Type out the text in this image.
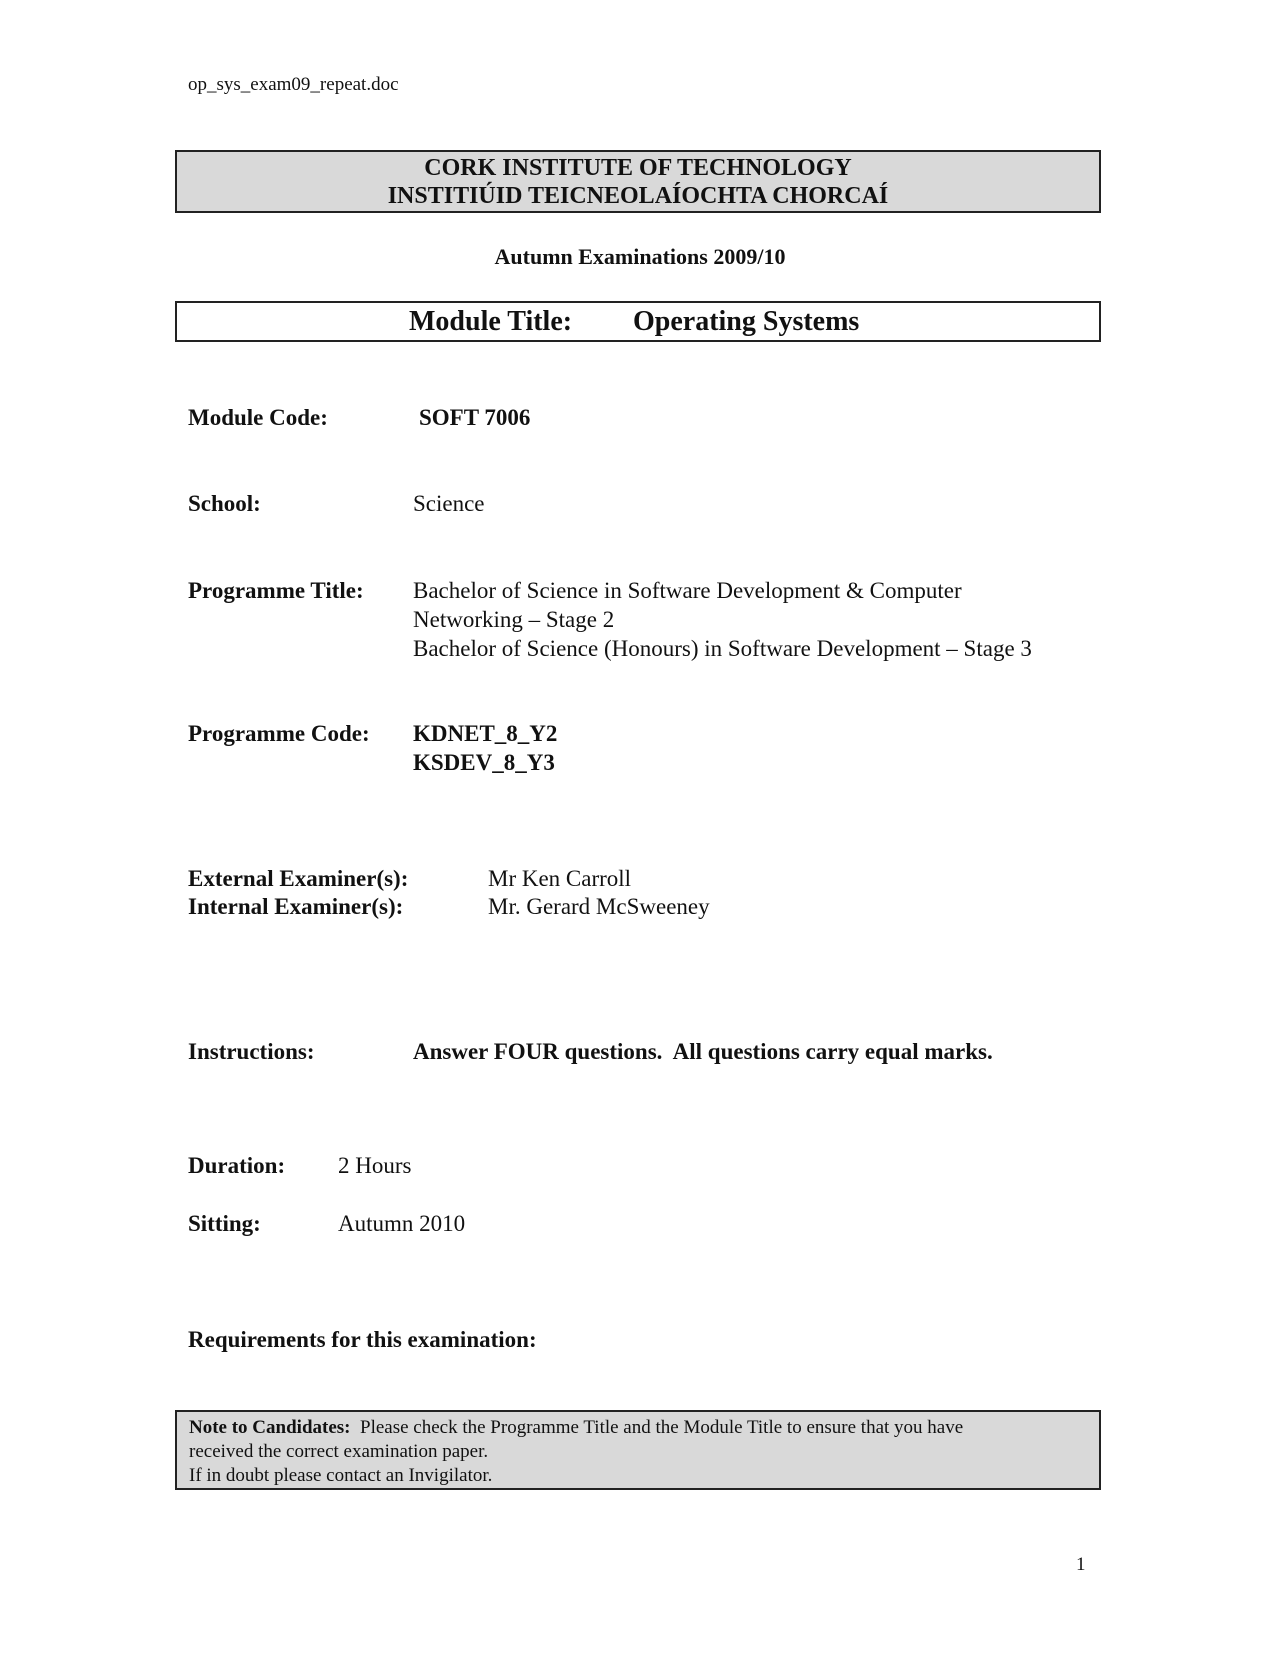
op_sys_exam09_repeat.doc
CORK INSTITUTE OF TECHNOLOGY
INSTITIÚID TEICNEOLAÍOCHTA CHORCAÍ
Autumn Examinations 2009/10
Module Title: Operating Systems
Module Code:	SOFT 7006
School:	Science
Programme Title: Bachelor of Science in Software Development & Computer
Networking – Stage 2
Bachelor of Science (Honours) in Software Development – Stage 3
Programme Code: KDNET_8_Y2
KSDEV_8_Y3
External Examiner(s):	Mr Ken Carroll
Internal Examiner(s):	Mr. Gerard McSweeney
Instructions:	Answer FOUR questions.  All questions carry equal marks.
Duration: 2 Hours
Sitting:	Autumn 2010
Requirements for this examination:
Note to Candidates: Please check the Programme Title and the Module Title to ensure that you have
received the correct examination paper.
If in doubt please contact an Invigilator.
1
